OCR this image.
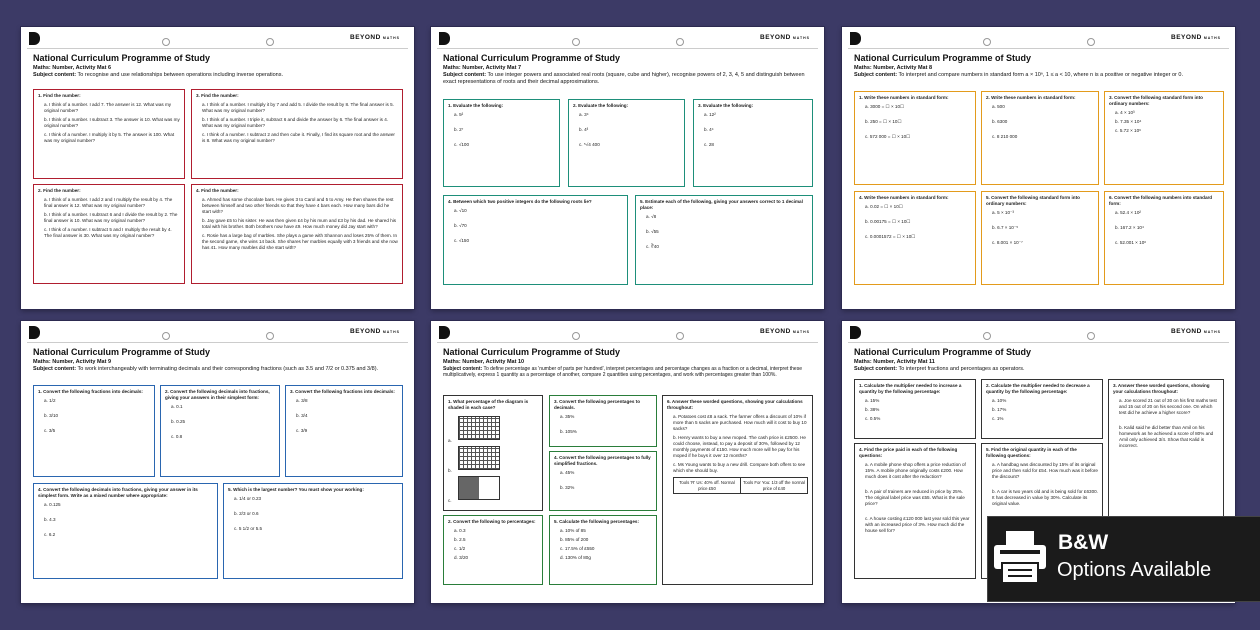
BEYOND MATHS
National Curriculum Programme of Study
Maths: Number, Activity Mat 6
Subject content: To recognise and use relationships between operations including inverse operations.
1. Find the number:
a. I think of a number. I add 7. The answer is 12. What was my original number?
b. I think of a number. I subtract 3. The answer is 10. What was my original number?
c. I think of a number. I multiply it by 5. The answer is 100. What was my original number?
3. Find the number:
a. I think of a number. I multiply it by 7 and add 5. I divide the result by 8. The final answer is 5. What was my original number?
b. I think of a number. I triple it, subtract 6 and divide the answer by 6. The final answer is 4. What was my original number?
c. I think of a number. I subtract 2 and then cube it. Finally, I find its square root and the answer is 8. What was my original number?
2. Find the number:
a. I think of a number. I add 2 and I multiply the result by 4. The final answer is 12. What was my original number?
b. I think of a number. I subtract 6 and I divide the result by 2. The final answer is 10. What was my original number?
c. I think of a number. I subtract 5 and I multiply the result by 4. The final answer is 30. What was my original number?
4. Find the number:
a. Ahmed has some chocolate bars. He gives 3 to Carol and 5 to Amy. He then shares the rest between himself and two other friends so that they have 4 bars each. How many bars did he start with?
b. Jay gave £5 to his sister. He was then given £4 by his mum and £3 by his dad. He shared his total with his brother. Both brothers now have £9. How much money did Jay start with?
c. Rosie has a large bag of marbles. She plays a game with Shannon and loses 25% of them. In the second game, she wins 14 back. She shares her marbles equally with 3 friends and she now has 41. How many marbles did she start with?
BEYOND MATHS
National Curriculum Programme of Study
Maths: Number, Activity Mat 7
Subject content: To use integer powers and associated real roots (square, cube and higher), recognise powers of 2, 3, 4, 5 and distinguish between exact representations of roots and their decimal approximations.
1. Evaluate the following:
a. 5²

b. 2⁷

c. √100
2. Evaluate the following:
a. 3⁴

b. 4³

c. ⁵√4 400
3. Evaluate the following:
a. 12²

b. 4⁴

c. 28
4. Between which two positive integers do the following roots lie?
a. √10

b. √70

c. √150
5. Estimate each of the following, giving your answers correct to 1 decimal place:
a. √8

b. √55

c. ∛40
BEYOND MATHS
National Curriculum Programme of Study
Maths: Number, Activity Mat 8
Subject content: To interpret and compare numbers in standard form a × 10ⁿ, 1 ≤ a < 10, where n is a positive or negative integer or 0.
1. Write these numbers in standard form:
a. 3000 = ☐ × 10☐

b. 250 = ☐ × 10☐

c. 572 000 = ☐ × 10☐
2. Write these numbers in standard form:
a. 500

b. 6300

c. 8 210 000
3. Convert the following standard form into ordinary numbers:
a. 4 × 10³
b. 7.35 × 10⁴
c. 5.72 × 10⁶
4. Write these numbers in standard form:
a. 0.02 = ☐ × 10☐

b. 0.00175 = ☐ × 10☐

c. 0.0001572 = ☐ × 10☐
5. Convert the following standard form into ordinary numbers:
a. 5 × 10⁻³

b. 6.7 × 10⁻⁵

c. 8.001 × 10⁻⁷
6. Convert the following numbers into standard form:
a. 52.4 × 10²

b. 167.2 × 10⁴

c. 52.001 × 10⁶
BEYOND MATHS
National Curriculum Programme of Study
Maths: Number, Activity Mat 9
Subject content: To work interchangeably with terminating decimals and their corresponding fractions (such as 3.5 and 7/2 or 0.375 and 3/8).
1. Convert the following fractions into decimals:
a. 1/2

b. 3/10

c. 3/5
2. Convert the following decimals into fractions, giving your answers in their simplest form:
a. 0.1

b. 0.25

c. 0.8
3. Convert the following fractions into decimals:
a. 3/8

b. 3/4

c. 3/9
4. Convert the following decimals into fractions, giving your answer in its simplest form. Write as a mixed number where appropriate:
a. 0.125

b. 4.3

c. 6.2
5. Which is the largest number? You must show your working:
a. 1/4 or 0.23

b. 2/3 or 0.6

c. 5 1/2 or 5.5
BEYOND MATHS
National Curriculum Programme of Study
Maths: Number, Activity Mat 10
Subject content: To define percentage as 'number of parts per hundred', interpret percentages and percentage changes as a fraction or a decimal, interpret these multiplicatively, express 1 quantity as a percentage of another, compare 2 quantities using percentages, and work with percentages greater than 100%.
1. What percentage of the diagram is shaded in each case?
a.
b.
c.
3. Convert the following percentages to decimals.
a. 35%

b. 105%
4. Convert the following percentages to fully simplified fractions.
a. 45%

b. 32%
6. Answer these worded questions, showing your calculations throughout:
a. Potatoes cost £8 a sack. The farmer offers a discount of 10% if more than 5 sacks are purchased. How much will it cost to buy 10 sacks?
b. Henry wants to buy a new moped. The cash price is £2500. He could choose, instead, to pay a deposit of 30%, followed by 12 monthly payments of £150. How much more will he pay for his moped if he buys it over 12 months?
c. Ms Young wants to buy a new drill. Compare both offers to see which she should buy.
Tools 'R' Us: 40% off. Normal price £50
Tools For You: 1/3 off the normal price of £40
2. Convert the following to percentages:
a. 0.3
b. 2.5
c. 1/2
d. 3/20
5. Calculate the following percentages:
a. 10% of 85
b. 85% of 200
c. 17.5% of £550
d. 130% of 80g
BEYOND MATHS
National Curriculum Programme of Study
Maths: Number, Activity Mat 11
Subject content: To interpret fractions and percentages as operators.
1. Calculate the multiplier needed to increase a quantity by the following percentage:
a. 15%
b. 38%
c. 0.5%
2. Calculate the multiplier needed to decrease a quantity by the following percentage:
a. 10%
b. 17%
c. 1%
3. Answer these worded questions, showing your calculations throughout:
a. Joe scored 21 out of 30 on his first maths test and 15 out of 20 on his second one. On which test did he achieve a higher score?

b. Kalid said he did better than Amil on his homework as he achieved a score of 80% and Amil only achieved 3/4. Show that Kalid is incorrect.
4. Find the price paid in each of the following questions:
a. A mobile phone shop offers a price reduction of 15%. A mobile phone originally costs £200. How much does it cost after the reduction?

b. A pair of trainers are reduced in price by 25%. The original label price was £55. What is the sale price?

c. A house costing £120 000 last year sold this year with an increased price of 3%. How much did the house sell for?
5. Find the original quantity in each of the following questions:
a. A handbag was discounted by 15% of its original price and then sold for £54. How much was it before the discount?

b. A car is two years old and is being sold for £6300. It has decreased in value by 30%. Calculate its original value.
B&W
Options Available
